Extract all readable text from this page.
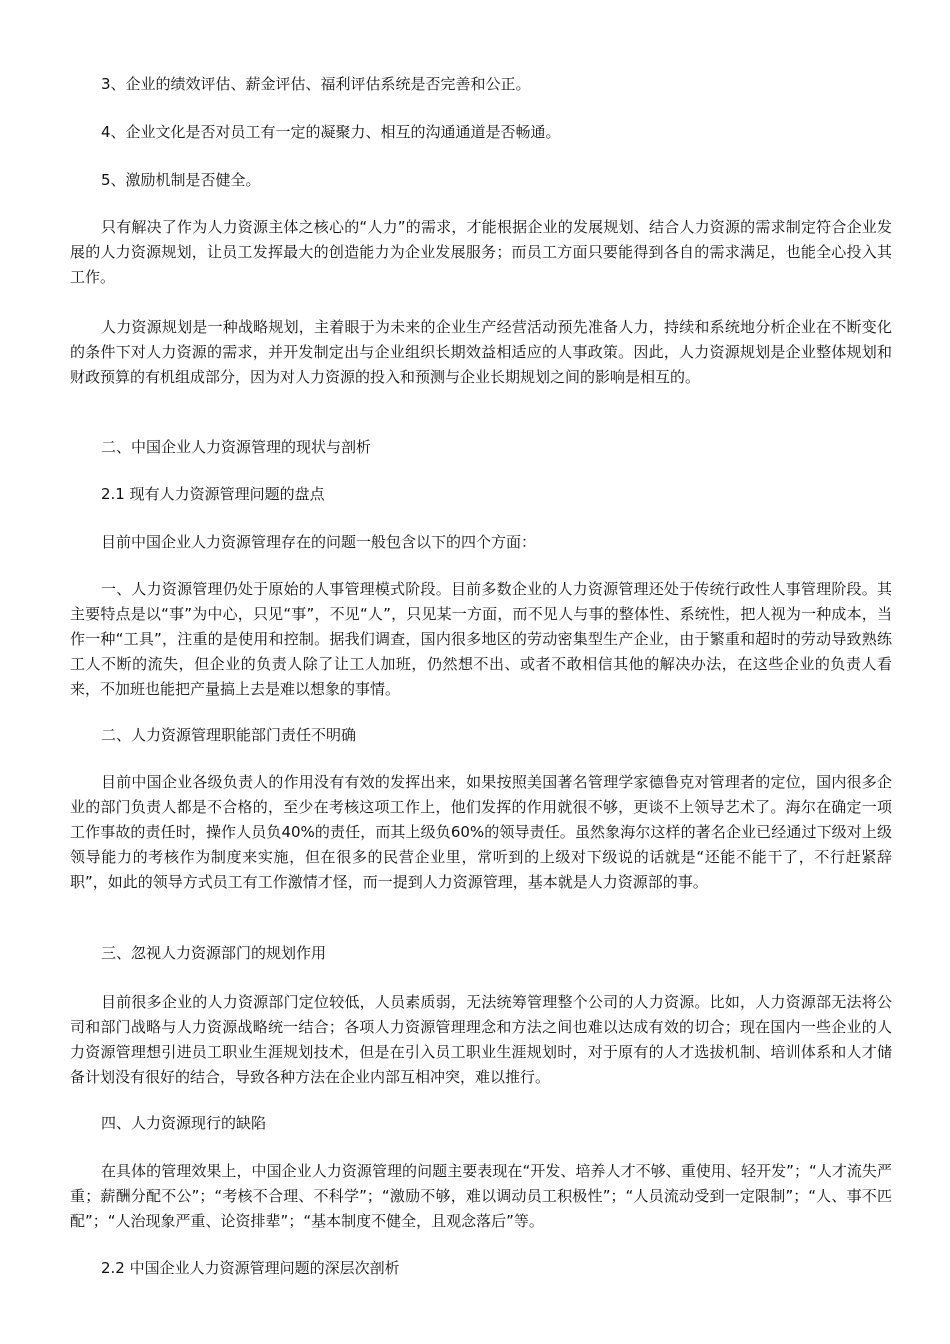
3、企业的绩效评估、薪金评估、福利评估系统是否完善和公正。

4、企业文化是否对员工有一定的凝聚力、相互的沟通通道是否畅通。

5、激励机制是否健全。

只有解决了作为人力资源主体之核心的“人力”的需求，才能根据企业的发展规划、结合人力资源的需求制定符合企业发展的人力资源规划，让员工发挥最大的创造能力为企业发展服务；而员工方面只要能得到各自的需求满足，也能全心投入其工作。

人力资源规划是一种战略规划，主着眼于为未来的企业生产经营活动预先准备人力，持续和系统地分析企业在不断变化的条件下对人力资源的需求，并开发制定出与企业组织长期效益相适应的人事政策。因此，人力资源规划是企业整体规划和财政预算的有机组成部分，因为对人力资源的投入和预测与企业长期规划之间的影响是相互的。

二、中国企业人力资源管理的现状与剖析

2.1 现有人力资源管理问题的盘点

目前中国企业人力资源管理存在的问题一般包含以下的四个方面：

一、人力资源管理仍处于原始的人事管理模式阶段。目前多数企业的人力资源管理还处于传统行政性人事管理阶段。其主要特点是以“事”为中心，只见“事”，不见“人”，只见某一方面，而不见人与事的整体性、系统性，把人视为一种成本，当作一种“工具”，注重的是使用和控制。据我们调查，国内很多地区的劳动密集型生产企业，由于繁重和超时的劳动导致熟练工人不断的流失，但企业的负责人除了让工人加班，仍然想不出、或者不敢相信其他的解决办法，在这些企业的负责人看来，不加班也能把产量搞上去是难以想象的事情。

二、人力资源管理职能部门责任不明确

目前中国企业各级负责人的作用没有有效的发挥出来，如果按照美国著名管理学家德鲁克对管理者的定位，国内很多企业的部门负责人都是不合格的，至少在考核这项工作上，他们发挥的作用就很不够，更谈不上领导艺术了。海尔在确定一项工作事故的责任时，操作人员负40%的责任，而其上级负60%的领导责任。虽然象海尔这样的著名企业已经通过下级对上级领导能力的考核作为制度来实施，但在很多的民营企业里，常听到的上级对下级说的话就是“还能不能干了，不行赶紧辞职”，如此的领导方式员工有工作激情才怪，而一提到人力资源管理，基本就是人力资源部的事。

三、忽视人力资源部门的规划作用

目前很多企业的人力资源部门定位较低，人员素质弱，无法统筹管理整个公司的人力资源。比如，人力资源部无法将公司和部门战略与人力资源战略统一结合；各项人力资源管理理念和方法之间也难以达成有效的切合；现在国内一些企业的人力资源管理想引进员工职业生涯规划技术，但是在引入员工职业生涯规划时，对于原有的人才选拔机制、培训体系和人才储备计划没有很好的结合，导致各种方法在企业内部互相冲突，难以推行。

四、人力资源现行的缺陷

在具体的管理效果上，中国企业人力资源管理的问题主要表现在“开发、培养人才不够、重使用、轻开发”；“人才流失严重；薪酬分配不公”；“考核不合理、不科学”；“激励不够，难以调动员工积极性”；“人员流动受到一定限制”；“人、事不匹配”；“人治现象严重、论资排辈”；“基本制度不健全，且观念落后”等。

2.2 中国企业人力资源管理问题的深层次剖析
